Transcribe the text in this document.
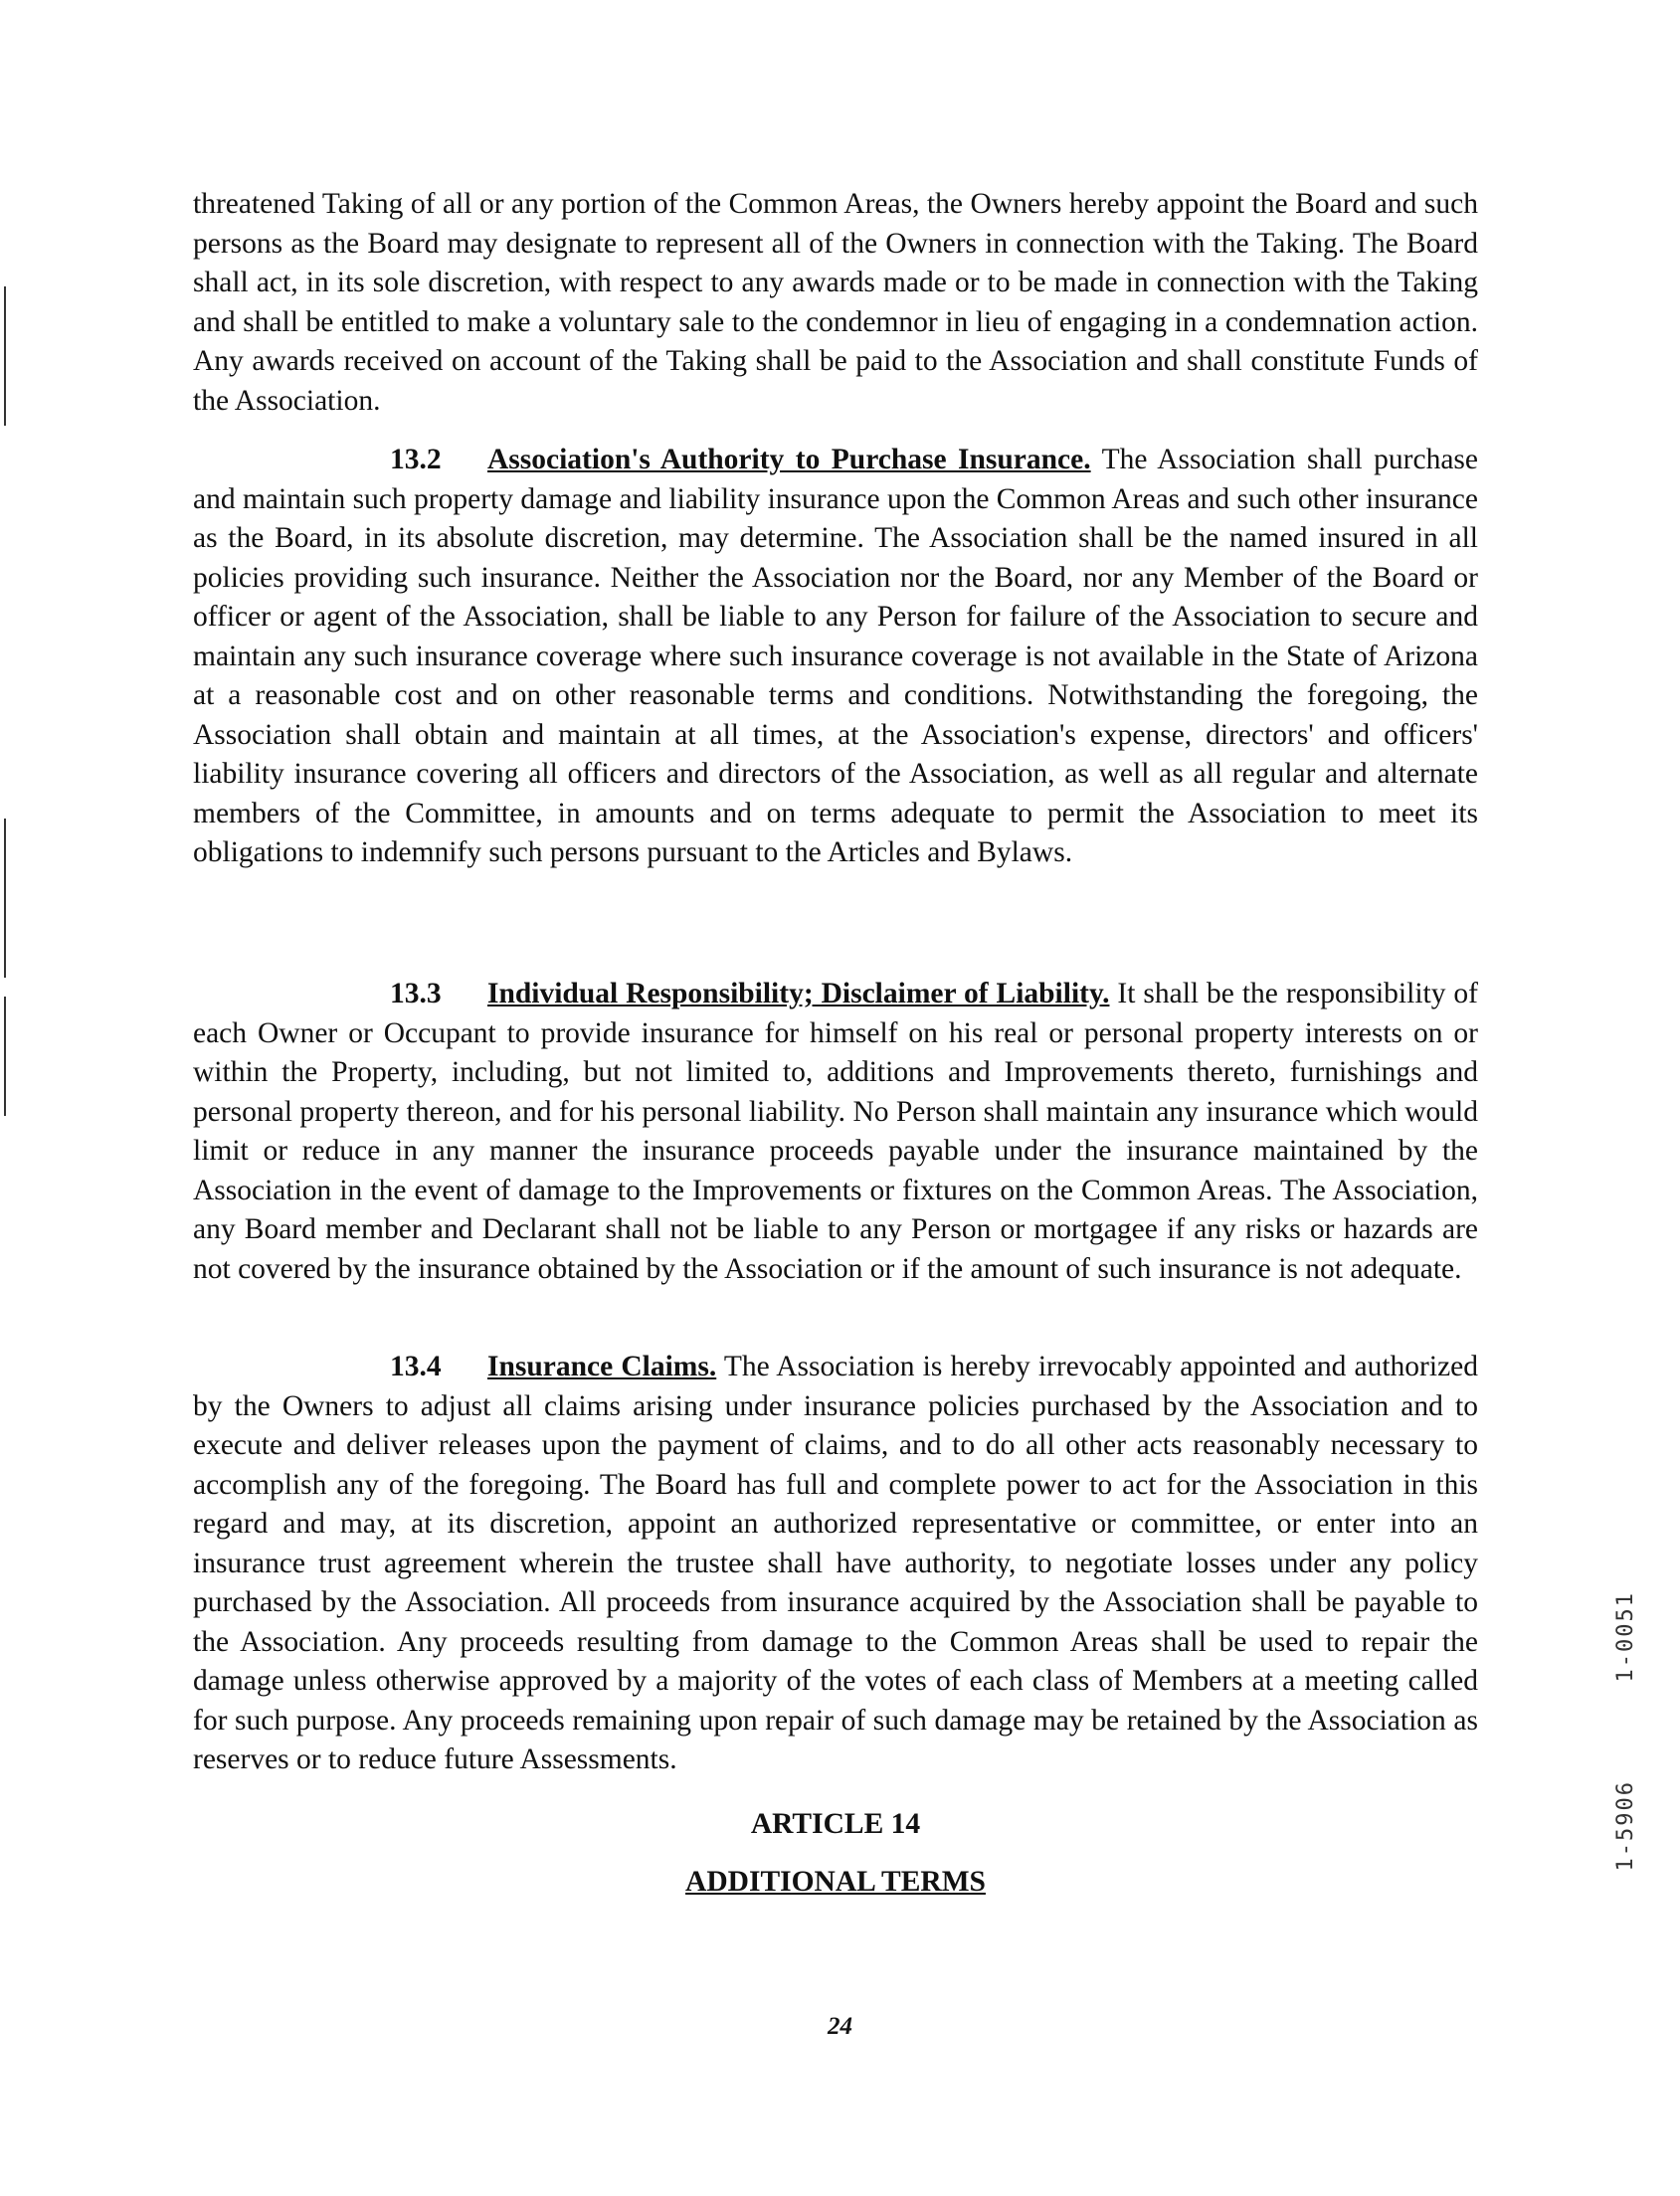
threatened Taking of all or any portion of the Common Areas, the Owners hereby appoint the Board and such persons as the Board may designate to represent all of the Owners in connection with the Taking. The Board shall act, in its sole discretion, with respect to any awards made or to be made in connection with the Taking and shall be entitled to make a voluntary sale to the condemnor in lieu of engaging in a condemnation action. Any awards received on account of the Taking shall be paid to the Association and shall constitute Funds of the Association.

13.2 Association's Authority to Purchase Insurance. The Association shall purchase and maintain such property damage and liability insurance upon the Common Areas and such other insurance as the Board, in its absolute discretion, may determine. The Association shall be the named insured in all policies providing such insurance. Neither the Association nor the Board, nor any Member of the Board or officer or agent of the Association, shall be liable to any Person for failure of the Association to secure and maintain any such insurance coverage where such insurance coverage is not available in the State of Arizona at a reasonable cost and on other reasonable terms and conditions. Notwithstanding the foregoing, the Association shall obtain and maintain at all times, at the Association's expense, directors' and officers' liability insurance covering all officers and directors of the Association, as well as all regular and alternate members of the Committee, in amounts and on terms adequate to permit the Association to meet its obligations to indemnify such persons pursuant to the Articles and Bylaws.

13.3 Individual Responsibility; Disclaimer of Liability. It shall be the responsibility of each Owner or Occupant to provide insurance for himself on his real or personal property interests on or within the Property, including, but not limited to, additions and Improvements thereto, furnishings and personal property thereon, and for his personal liability. No Person shall maintain any insurance which would limit or reduce in any manner the insurance proceeds payable under the insurance maintained by the Association in the event of damage to the Improvements or fixtures on the Common Areas. The Association, any Board member and Declarant shall not be liable to any Person or mortgagee if any risks or hazards are not covered by the insurance obtained by the Association or if the amount of such insurance is not adequate.

13.4 Insurance Claims. The Association is hereby irrevocably appointed and authorized by the Owners to adjust all claims arising under insurance policies purchased by the Association and to execute and deliver releases upon the payment of claims, and to do all other acts reasonably necessary to accomplish any of the foregoing. The Board has full and complete power to act for the Association in this regard and may, at its discretion, appoint an authorized representative or committee, or enter into an insurance trust agreement wherein the trustee shall have authority, to negotiate losses under any policy purchased by the Association. All proceeds from insurance acquired by the Association shall be payable to the Association. Any proceeds resulting from damage to the Common Areas shall be used to repair the damage unless otherwise approved by a majority of the votes of each class of Members at a meeting called for such purpose. Any proceeds remaining upon repair of such damage may be retained by the Association as reserves or to reduce future Assessments.

ARTICLE 14

ADDITIONAL TERMS

24

1-0051
1-5906
